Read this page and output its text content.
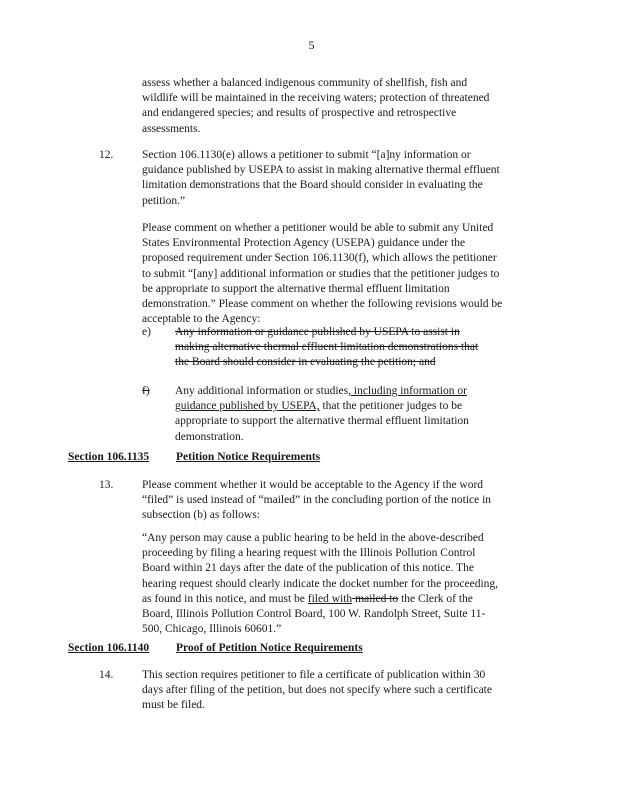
5

assess whether a balanced indigenous community of shellfish, fish and wildlife will be maintained in the receiving waters; protection of threatened and endangered species; and results of prospective and retrospective assessments.

12. Section 106.1130(e) allows a petitioner to submit “[a]ny information or guidance published by USEPA to assist in making alternative thermal effluent limitation demonstrations that the Board should consider in evaluating the petition.”

Please comment on whether a petitioner would be able to submit any United States Environmental Protection Agency (USEPA) guidance under the proposed requirement under Section 106.1130(f), which allows the petitioner to submit “[any] additional information or studies that the petitioner judges to be appropriate to support the alternative thermal effluent limitation demonstration.” Please comment on whether the following revisions would be acceptable to the Agency:

e) Any information or guidance published by USEPA to assist in making alternative thermal effluent limitation demonstrations that the Board should consider in evaluating the petition; and

f) Any additional information or studies, including information or guidance published by USEPA, that the petitioner judges to be appropriate to support the alternative thermal effluent limitation demonstration.

Section 106.1135 Petition Notice Requirements
13. Please comment whether it would be acceptable to the Agency if the word “filed” is used instead of “mailed” in the concluding portion of the notice in subsection (b) as follows:

“Any person may cause a public hearing to be held in the above-described proceeding by filing a hearing request with the Illinois Pollution Control Board within 21 days after the date of the publication of this notice. The hearing request should clearly indicate the docket number for the proceeding, as found in this notice, and must be filed with mailed to the Clerk of the Board, Illinois Pollution Control Board, 100 W. Randolph Street, Suite 11-500, Chicago, Illinois 60601.”

Section 106.1140 Proof of Petition Notice Requirements
14. This section requires petitioner to file a certificate of publication within 30 days after filing of the petition, but does not specify where such a certificate must be filed.
